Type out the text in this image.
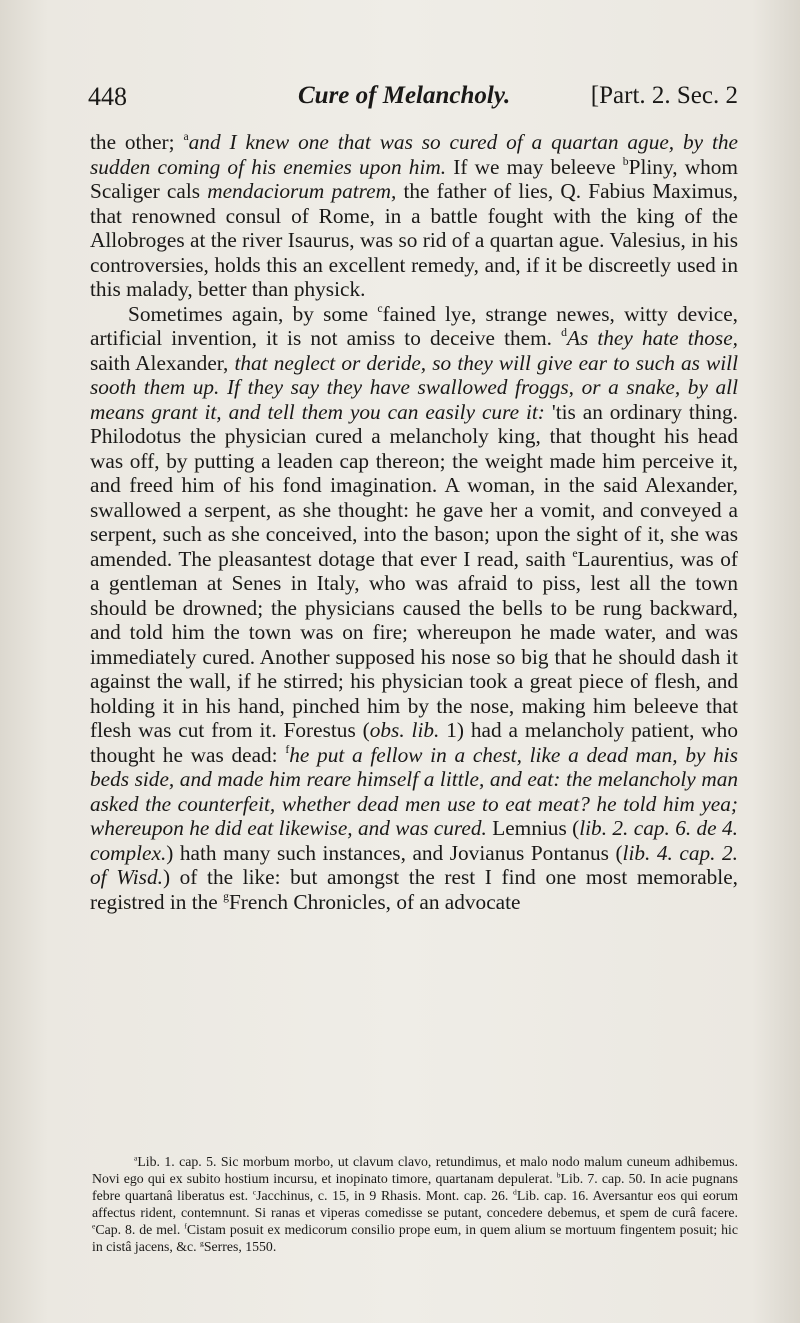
448	Cure of Melancholy.	[Part. 2. Sec. 2

the other; $^a$and I knew one that was so cured of a quartan ague, by the sudden coming of his enemies upon him. If we may beleeve $^b$Pliny, whom Scaliger cals mendaciorum patrem, the father of lies, Q. Fabius Maximus, that renowned consul of Rome, in a battle fought with the king of the Allobroges at the river Isaurus, was so rid of a quartan ague. Valesius, in his controversies, holds this an excellent remedy, and, if it be discreetly used in this malady, better than physick.

Sometimes again, by some $^c$fained lye, strange newes, witty device, artificial invention, it is not amiss to deceive them. $^d$As they hate those, saith Alexander, that neglect or deride, so they will give ear to such as will sooth them up. If they say they have swallowed froggs, or a snake, by all means grant it, and tell them you can easily cure it: 'tis an ordinary thing. Philodotus the physician cured a melancholy king, that thought his head was off, by putting a leaden cap thereon; the weight made him perceive it, and freed him of his fond imagination. A woman, in the said Alexander, swallowed a serpent, as she thought: he gave her a vomit, and conveyed a serpent, such as she conceived, into the bason; upon the sight of it, she was amended. The pleasantest dotage that ever I read, saith $^e$Laurentius, was of a gentleman at Senes in Italy, who was afraid to piss, lest all the town should be drowned; the physicians caused the bells to be rung backward, and told him the town was on fire; whereupon he made water, and was immediately cured. Another supposed his nose so big that he should dash it against the wall, if he stirred; his physician took a great piece of flesh, and holding it in his hand, pinched him by the nose, making him beleeve that flesh was cut from it. Forestus (obs. lib. 1) had a melancholy patient, who thought he was dead: $^f$he put a fellow in a chest, like a dead man, by his beds side, and made him reare himself a little, and eat: the melancholy man asked the counterfeit, whether dead men use to eat meat? he told him yea; whereupon he did eat likewise, and was cured. Lemnius (lib. 2. cap. 6. de 4. complex.) hath many such instances, and Jovianus Pontanus (lib. 4. cap. 2. of Wisd.) of the like: but amongst the rest I find one most memorable, registred in the $^g$French Chronicles, of an advocate

$^a$Lib. 1. cap. 5. Sic morbum morbo, ut clavum clavo, retundimus, et malo nodo malum cuneum adhibemus. Novi ego qui ex subito hostium incursu, et inopinato timore, quartanam depulerat. $^b$Lib. 7. cap. 50. In acie pugnans febre quartanâ liberatus est. $^c$Jacchinus, c. 15, in 9 Rhasis. Mont. cap. 26. $^d$Lib. cap. 16. Aversantur eos qui eorum affectus rident, contemnunt. Si ranas et viperas comedisse se putant, concedere debemus, et spem de curâ facere. $^e$Cap. 8. de mel. $^f$Cistam posuit ex medicorum consilio prope eum, in quem alium se mortuum fingentem posuit; hic in cistâ jacens, &c. $^g$Serres, 1550.
